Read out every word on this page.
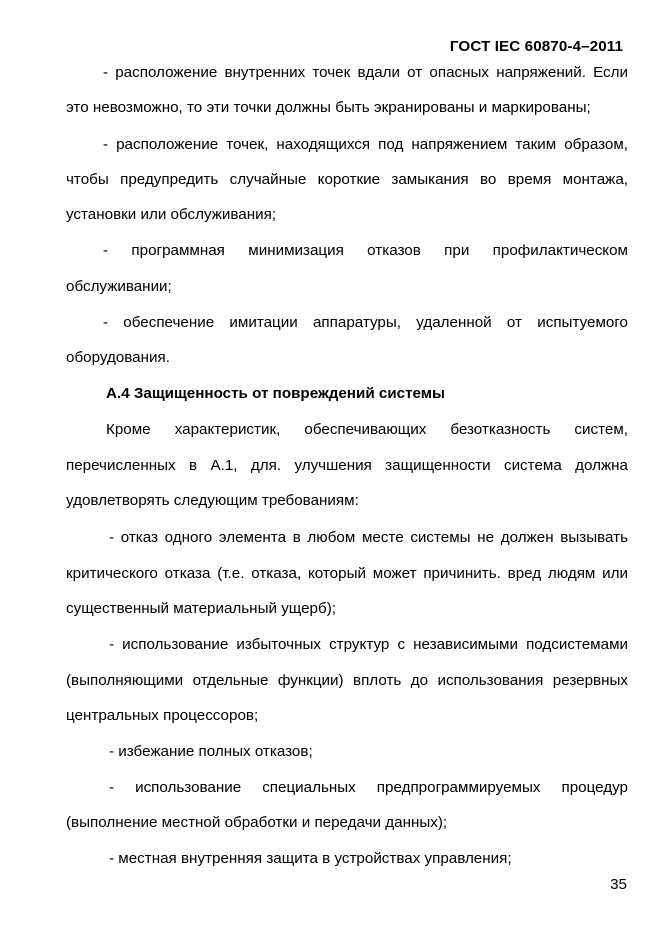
ГОСТ IEC 60870-4–2011
- расположение внутренних точек вдали от опасных напряжений. Если
это невозможно, то эти точки должны быть экранированы и маркированы;
- расположение точек, находящихся под напряжением таким образом,
чтобы предупредить случайные короткие замыкания во время монтажа,
установки или обслуживания;
- программная минимизация отказов при профилактическом
обслуживании;
- обеспечение имитации аппаратуры, удаленной от испытуемого
оборудования.
А.4 Защищенность от повреждений системы
Кроме характеристик, обеспечивающих безотказность систем,
перечисленных в А.1, для. улучшения защищенности система должна
удовлетворять следующим требованиям:
- отказ одного элемента в любом месте системы не должен вызывать
критического отказа (т.е. отказа, который может причинить. вред людям или
существенный материальный ущерб);
- использование избыточных структур с независимыми подсистемами
(выполняющими отдельные функции) вплоть до использования резервных
центральных процессоров;
- избежание полных отказов;
- использование специальных предпрограммируемых процедур
(выполнение местной обработки и передачи данных);
- местная внутренняя защита в устройствах управления;
35
